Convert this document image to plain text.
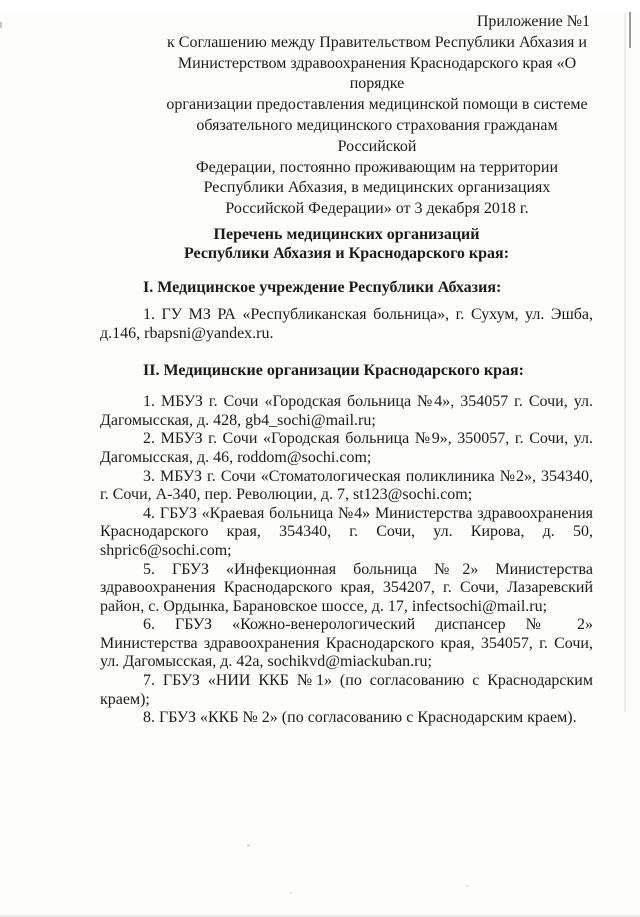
Приложение №1
к Соглашению между Правительством Республики Абхазия и
Министерством здравоохранения Краснодарского края «О порядке
организации предоставления медицинской помощи в системе
обязательного медицинского страхования гражданам Российской
Федерации, постоянно проживающим на территории
Республики Абхазия, в медицинских организациях
Российской Федерации» от 3 декабря 2018 г.
Перечень медицинских организаций
Республики Абхазия и Краснодарского края:
I. Медицинское учреждение Республики Абхазия:

1. ГУ МЗ РА «Республиканская больница», г. Сухум, ул. Эшба, д.146, rbapsni@yandex.ru.

II. Медицинские организации Краснодарского края:

1. МБУЗ г. Сочи «Городская больница №4», 354057 г. Сочи, ул. Дагомысская, д. 428, gb4_sochi@mail.ru;

2. МБУЗ г. Сочи «Городская больница №9», 350057, г. Сочи, ул. Дагомысская, д. 46, roddom@sochi.com;

3. МБУЗ г. Сочи «Стоматологическая поликлиника №2», 354340, г. Сочи, А-340, пер. Революции, д. 7, st123@sochi.com;

4. ГБУЗ «Краевая больница №4» Министерства здравоохранения Краснодарского края, 354340, г. Сочи, ул. Кирова, д. 50, shpric6@sochi.com;

5. ГБУЗ «Инфекционная больница №2» Министерства здравоохранения Краснодарского края, 354207, г. Сочи, Лазаревский район, с. Ордынка, Барановское шоссе, д. 17, infectsochi@mail.ru;

6. ГБУЗ «Кожно-венерологический диспансер № 2» Министерства здравоохранения Краснодарского края, 354057, г. Сочи, ул. Дагомысская, д. 42а, sochikvd@miackuban.ru;

7. ГБУЗ «НИИ ККБ №1» (по согласованию с Краснодарским краем);

8. ГБУЗ «ККБ № 2» (по согласованию с Краснодарским краем).
